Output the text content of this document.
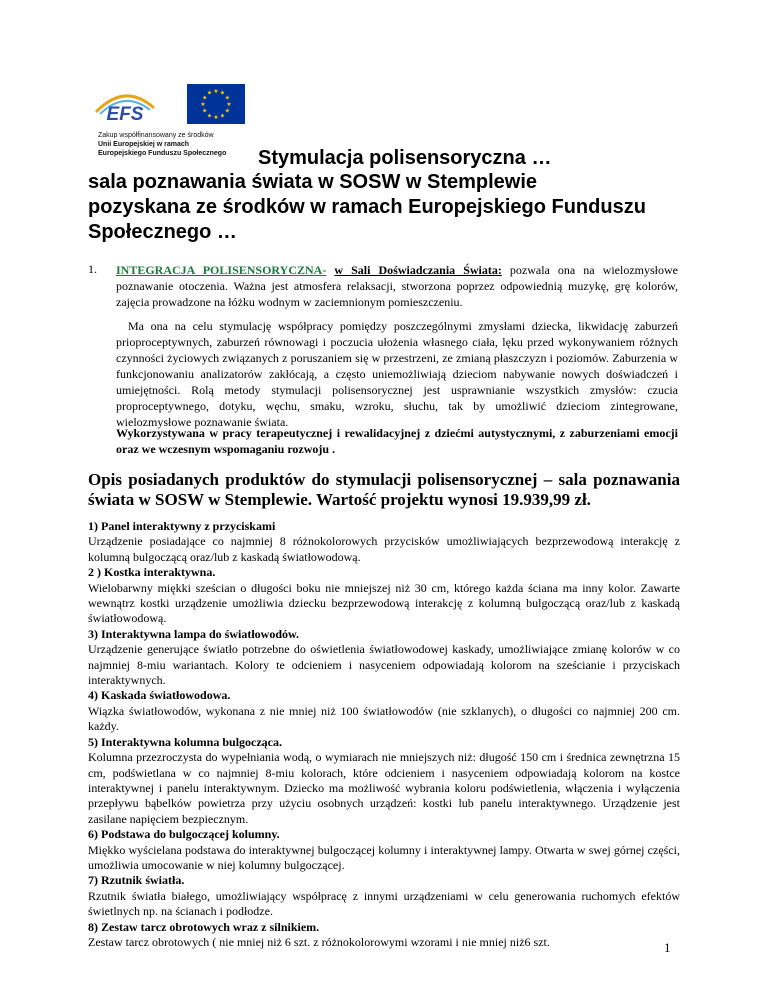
EFS	★
★
★
★
★
★
★
★
★ ★ ★
★
Zakup współfinansowany ze środków
Unii Europejskiej w ramach
Europejskiego Funduszu Społecznego	Stymulacja polisensoryczna …
sala poznawania świata w SOSW w Stemplewie
pozyskana ze środków w ramach Europejskiego Funduszu
Społecznego …
1. INTEGRACJA POLISENSORYCZNA- w Sali Doświadczania Świata: pozwala ona na wielozmysłowe poznawanie otoczenia. Ważna jest atmosfera relaksacji, stworzona poprzez odpowiednią muzykę, grę kolorów, zajęcia prowadzone na łóżku wodnym w zaciemnionym pomieszczeniu.
Ma ona na celu stymulację współpracy pomiędzy poszczególnymi zmysłami dziecka, likwidację zaburzeń prioproceptywnych, zaburzeń równowagi i poczucia ułożenia własnego ciała, lęku przed wykonywaniem różnych czynności życiowych związanych z poruszaniem się w przestrzeni, ze zmianą płaszczyzn i poziomów. Zaburzenia w funkcjonowaniu analizatorów zakłócają, a często uniemożliwiają dzieciom nabywanie nowych doświadczeń i umiejętności. Rolą metody stymulacji polisensorycznej jest usprawnianie wszystkich zmysłów: czucia proproceptywnego, dotyku, węchu, smaku, wzroku, słuchu, tak by umożliwić dzieciom zintegrowane, wielozmysłowe poznawanie świata.
Wykorzystywana w pracy terapeutycznej i rewalidacyjnej z dziećmi autystycznymi, z zaburzeniami emocji oraz we wczesnym wspomaganiu rozwoju .
Opis posiadanych produktów do stymulacji polisensorycznej – sala poznawania świata w SOSW w Stemplewie. Wartość projektu wynosi 19.939,99 zł.
1) Panel interaktywny z przyciskami
Urządzenie posiadające co najmniej 8 różnokolorowych przycisków umożliwiających bezprzewodową interakcję z kolumną bulgoczącą oraz/lub z kaskadą światłowodową.
2 ) Kostka interaktywna.
Wielobarwny miękki sześcian o długości boku nie mniejszej niż 30 cm, którego każda ściana ma inny kolor. Zawarte wewnątrz kostki urządzenie umożliwia dziecku bezprzewodową interakcję z kolumną bulgoczącą oraz/lub z kaskadą światłowodową.
3) Interaktywna lampa do światłowodów.
Urządzenie generujące światło potrzebne do oświetlenia światłowodowej kaskady, umożliwiające zmianę kolorów w co najmniej 8-miu wariantach. Kolory te odcieniem i nasyceniem odpowiadają kolorom na sześcianie i przyciskach interaktywnych.
4) Kaskada światłowodowa.
Wiązka światłowodów, wykonana z nie mniej niż 100 światłowodów (nie szklanych), o długości co najmniej 200 cm. każdy.
5) Interaktywna kolumna bulgocząca.
Kolumna przezroczysta do wypełniania wodą, o wymiarach nie mniejszych niż: długość 150 cm i średnica zewnętrzna 15 cm, podświetlana w co najmniej 8-miu kolorach, które odcieniem i nasyceniem odpowiadają kolorom na kostce interaktywnej i panelu interaktywnym. Dziecko ma możliwość wybrania koloru podświetlenia, włączenia i wyłączenia przepływu bąbelków powietrza przy użyciu osobnych urządzeń: kostki lub panelu interaktywnego. Urządzenie jest zasilane napięciem bezpiecznym.
6) Podstawa do bulgoczącej kolumny.
Miękko wyścielana podstawa do interaktywnej bulgoczącej kolumny i interaktywnej lampy. Otwarta w swej górnej części, umożliwia umocowanie w niej kolumny bulgoczącej.
7) Rzutnik światła.
Rzutnik światła białego, umożliwiający współpracę z innymi urządzeniami w celu generowania ruchomych efektów świetlnych np. na ścianach i podłodze.
8) Zestaw tarcz obrotowych wraz z silnikiem.
Zestaw tarcz obrotowych ( nie mniej niż 6 szt. z różnokolorowymi wzorami i nie mniej niż6 szt.	1
